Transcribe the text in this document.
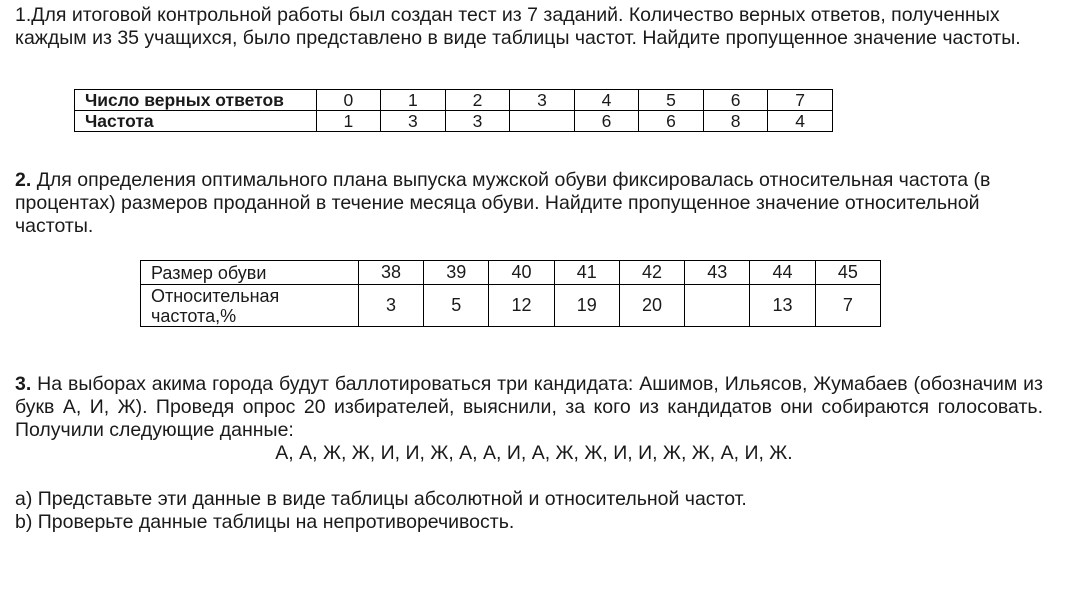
1.Для итоговой контрольной работы был создан тест из 7 заданий. Количество верных ответов, полученных каждым из 35 учащихся, было представлено в виде таблицы частот. Найдите пропущенное значение частоты.

Число верных ответов	0	1	2	3	4	5	6	7
Частота	1	3	3		6	6	8	4

2. Для определения оптимального плана выпуска мужской обуви фиксировалась относительная частота (в процентах) размеров проданной в течение месяца обуви. Найдите пропущенное значение относительной частоты.

Размер обуви	38	39	40	41	42	43	44	45
Относительная
частота,%	3	5	12	19	20		13	7

3. На выборах акима города будут баллотироваться три кандидата: Ашимов, Ильясов, Жумабаев (обозначим из букв А, И, Ж). Проведя опрос 20 избирателей, выяснили, за кого из кандидатов они собираются голосовать. Получили следующие данные:

А, А, Ж, Ж, И, И, Ж, А, А, И, А, Ж, Ж, И, И, Ж, Ж, А, И, Ж.

а) Представьте эти данные в виде таблицы абсолютной и относительной частот.

b) Проверьте данные таблицы на непротиворечивость.
